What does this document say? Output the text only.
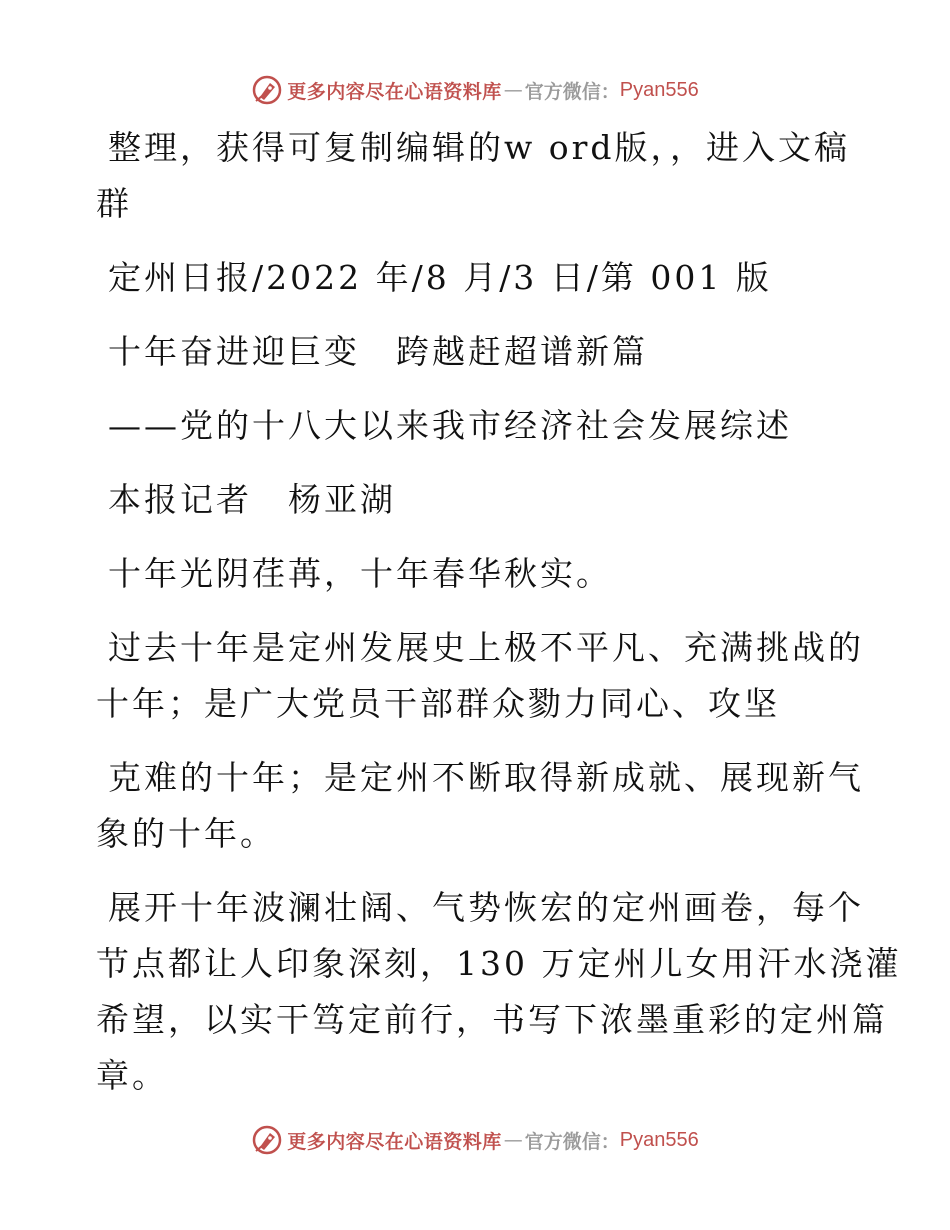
更多内容尽在心语资料库 — 官方微信： Pyan556

整理，获得可复制编辑的w ord版，，进入文稿

群

定州日报/2022 年/8 月/3 日/第 001 版

十年奋进迎巨变　跨越赶超谱新篇

——党的十八大以来我市经济社会发展综述

本报记者　杨亚湖

十年光阴荏苒，十年春华秋实。

过去十年是定州发展史上极不平凡、充满挑战的

十年；是广大党员干部群众勠力同心、攻坚

克难的十年；是定州不断取得新成就、展现新气

象的十年。

展开十年波澜壮阔、气势恢宏的定州画卷，每个

节点都让人印象深刻，130 万定州儿女用汗水浇灌

希望，以实干笃定前行，书写下浓墨重彩的定州篇

章。

更多内容尽在心语资料库 — 官方微信： Pyan556
